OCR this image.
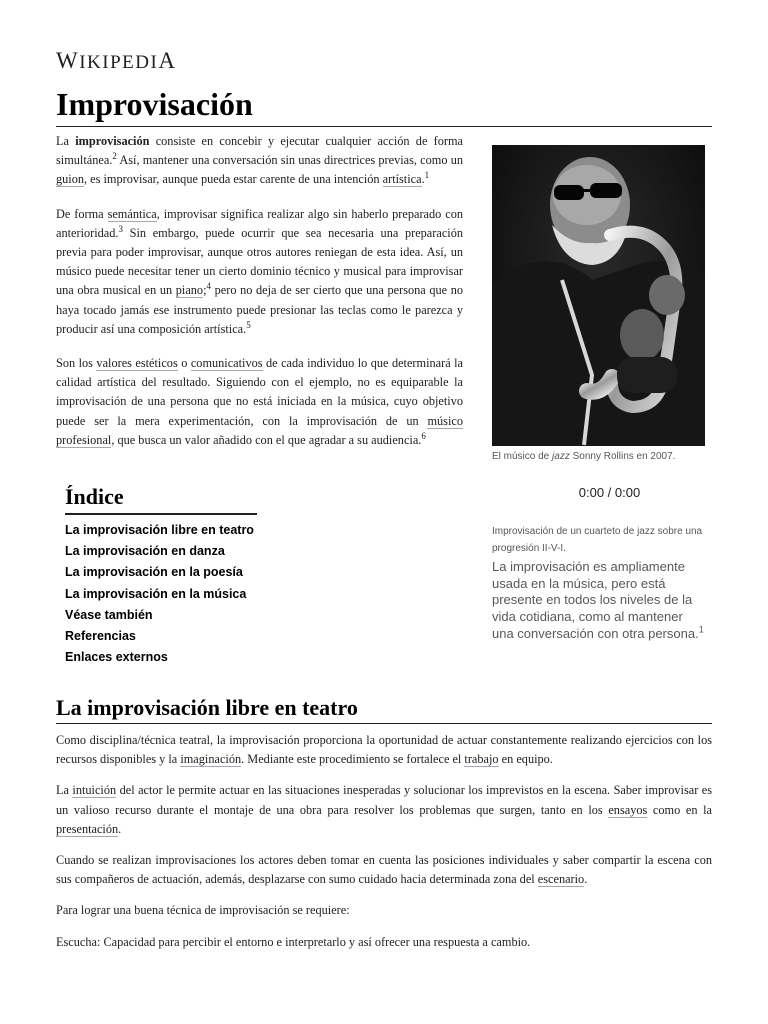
WIKIPEDIA
Improvisación

La improvisación consiste en concebir y ejecutar cualquier acción de forma simultánea.$^2$ Así, mantener una conversación sin unas directrices previas, como un guion, es improvisar, aunque pueda estar carente de una intención artística.$^1$

De forma semántica, improvisar significa realizar algo sin haberlo preparado con anterioridad.$^3$ Sin embargo, puede ocurrir que sea necesaria una preparación previa para poder improvisar, aunque otros autores reniegan de esta idea. Así, un músico puede necesitar tener un cierto dominio técnico y musical para improvisar una obra musical en un piano;$^4$ pero no deja de ser cierto que una persona que no haya tocado jamás ese instrumento puede presionar las teclas como le parezca y producir así una composición artística.$^5$

Son los valores estéticos o comunicativos de cada individuo lo que determinará la calidad artística del resultado. Siguiendo con el ejemplo, no es equiparable la improvisación de una persona que no está iniciada en la música, cuyo objetivo puede ser la mera experimentación, con la improvisación de un músico profesional, que busca un valor añadido con el que agradar a su audiencia.$^6$

El músico de jazz Sonny Rollins en 2007.
0:00 / 0:00
Improvisación de un cuarteto de jazz sobre una progresión II-V-I.
La improvisación es ampliamente usada en la música, pero está presente en todos los niveles de la vida cotidiana, como al mantener una conversación con otra persona.$^1$
Índice
La improvisación libre en teatro
La improvisación en danza
La improvisación en la poesía
La improvisación en la música
Véase también
Referencias
Enlaces externos
La improvisación libre en teatro

Como disciplina/técnica teatral, la improvisación proporciona la oportunidad de actuar constantemente realizando ejercicios con los recursos disponibles y la imaginación. Mediante este procedimiento se fortalece el trabajo en equipo.

La intuición del actor le permite actuar en las situaciones inesperadas y solucionar los imprevistos en la escena. Saber improvisar es un valioso recurso durante el montaje de una obra para resolver los problemas que surgen, tanto en los ensayos como en la presentación.

Cuando se realizan improvisaciones los actores deben tomar en cuenta las posiciones individuales y saber compartir la escena con sus compañeros de actuación, además, desplazarse con sumo cuidado hacia determinada zona del escenario.

Para lograr una buena técnica de improvisación se requiere:

Escucha: Capacidad para percibir el entorno e interpretarlo y así ofrecer una respuesta a cambio.
